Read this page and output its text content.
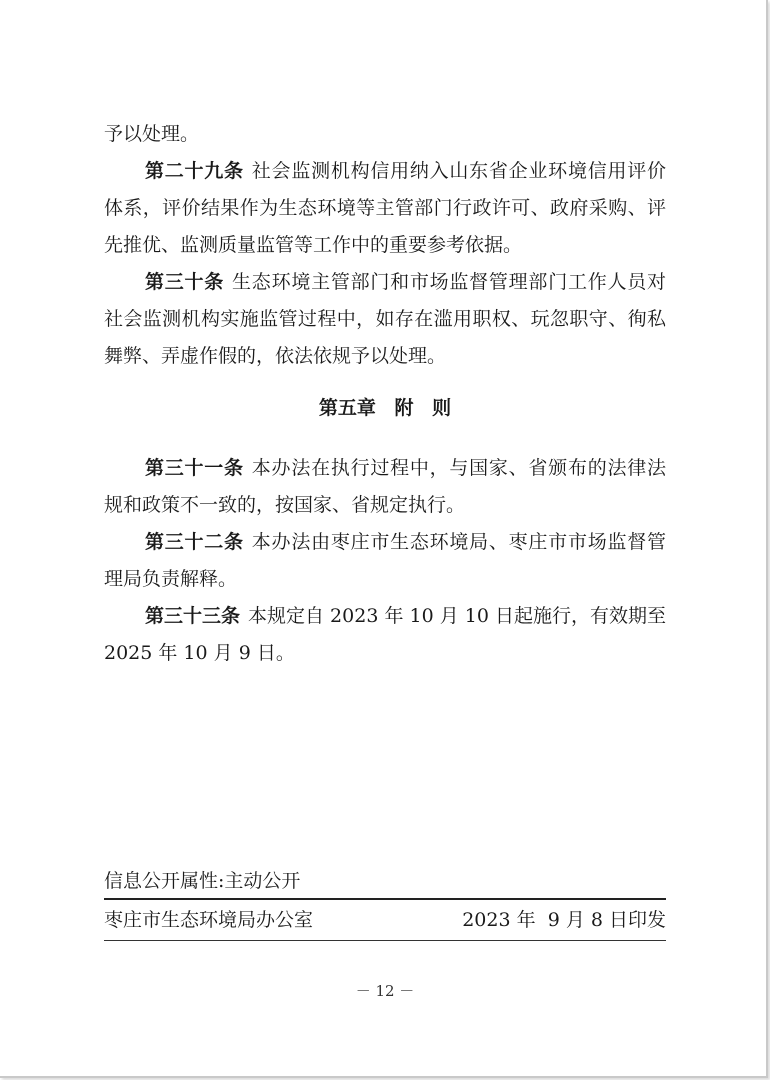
予以处理。

第二十九条 社会监测机构信用纳入山东省企业环境信用评价体系，评价结果作为生态环境等主管部门行政许可、政府采购、评先推优、监测质量监管等工作中的重要参考依据。

第三十条 生态环境主管部门和市场监督管理部门工作人员对社会监测机构实施监管过程中，如存在滥用职权、玩忽职守、徇私舞弊、弄虚作假的，依法依规予以处理。

第五章 附 则

第三十一条 本办法在执行过程中，与国家、省颁布的法律法规和政策不一致的，按国家、省规定执行。

第三十二条 本办法由枣庄市生态环境局、枣庄市市场监督管理局负责解释。

第三十三条 本规定自 2023 年 10 月 10 日起施行，有效期至 2025 年 10 月 9 日。

信息公开属性:主动公开
枣庄市生态环境局办公室	2023 年  9 月 8 日印发
－ 12 －
